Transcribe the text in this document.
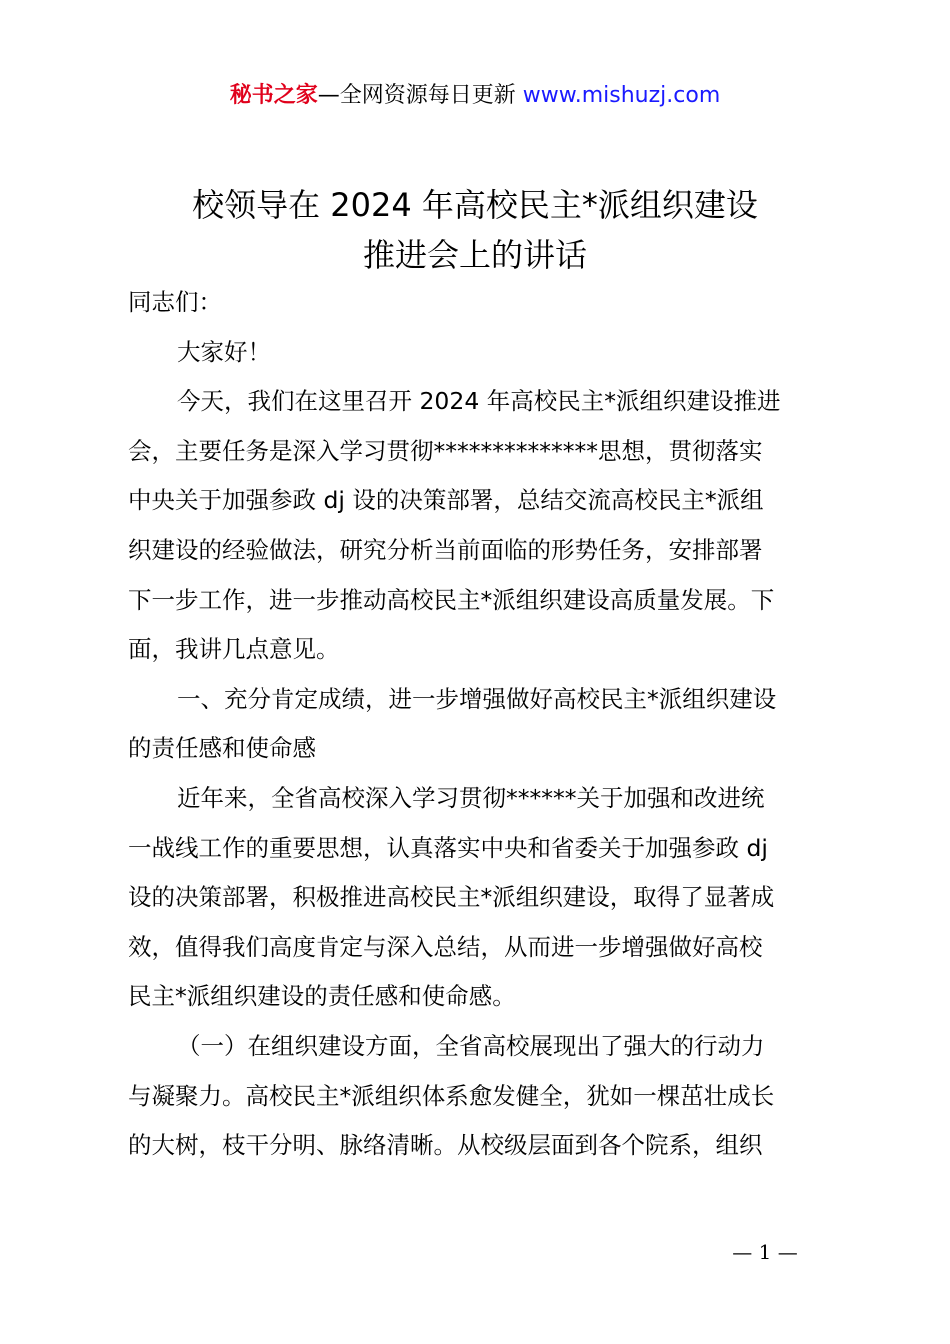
秘书之家—全网资源每日更新 www.mishuzj.com
校领导在 2024 年高校民主*派组织建设
推进会上的讲话
同志们：
大家好！
今天，我们在这里召开 2024 年高校民主*派组织建设推进
会，主要任务是深入学习贯彻**************思想，贯彻落实
中央关于加强参政 dj 设的决策部署，总结交流高校民主*派组
织建设的经验做法，研究分析当前面临的形势任务，安排部署
下一步工作，进一步推动高校民主*派组织建设高质量发展。下
面，我讲几点意见。
一、充分肯定成绩，进一步增强做好高校民主*派组织建设
的责任感和使命感
近年来，全省高校深入学习贯彻******关于加强和改进统
一战线工作的重要思想，认真落实中央和省委关于加强参政 dj
设的决策部署，积极推进高校民主*派组织建设，取得了显著成
效，值得我们高度肯定与深入总结，从而进一步增强做好高校
民主*派组织建设的责任感和使命感。
（一）在组织建设方面，全省高校展现出了强大的行动力
与凝聚力。高校民主*派组织体系愈发健全，犹如一棵茁壮成长
的大树，枝干分明、脉络清晰。从校级层面到各个院系，组织
— 1 —
